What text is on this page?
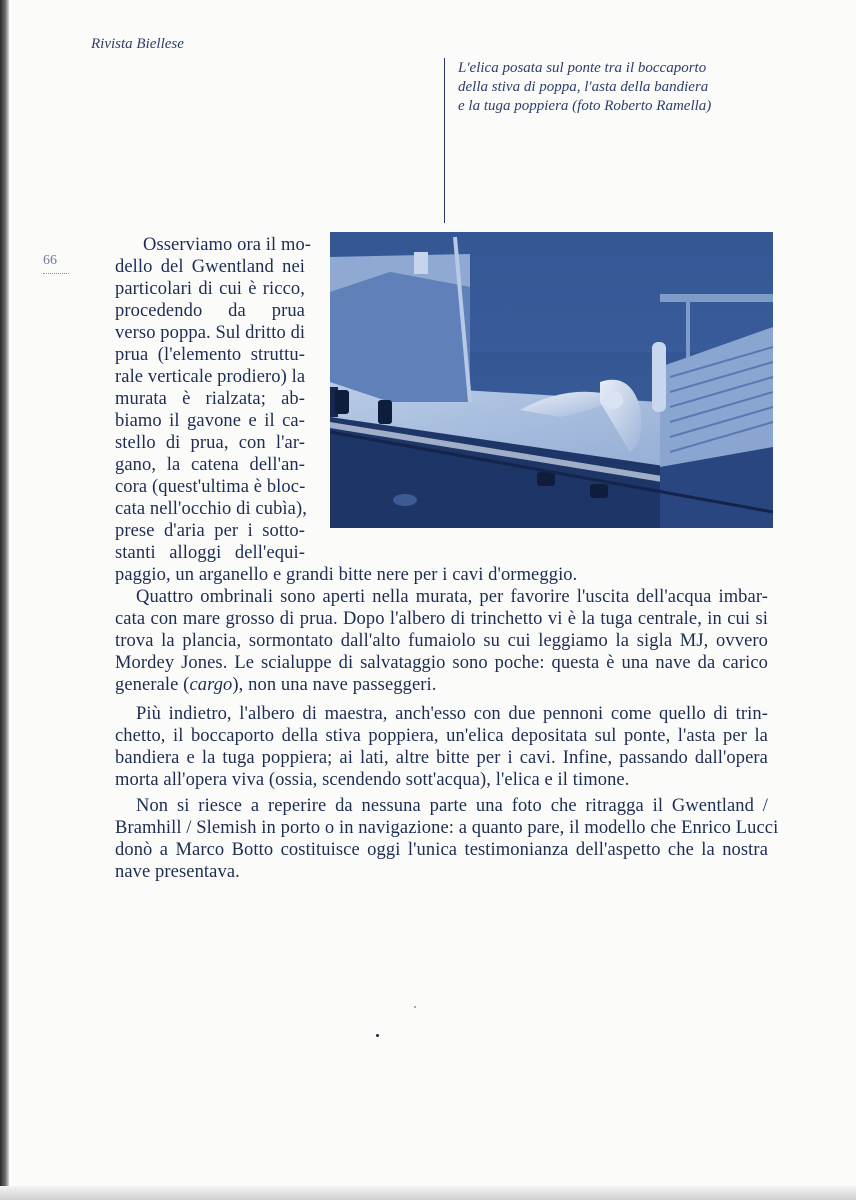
Rivista Biellese
L'elica posata sul ponte tra il boccaporto
della stiva di poppa, l'asta della bandiera
e la tuga poppiera (foto Roberto Ramella)
66
Osserviamo ora il mo-
dello del Gwentland nei
particolari di cui è ricco,
procedendo da prua
verso poppa. Sul dritto di
prua (l'elemento struttu-
rale verticale prodiero) la
murata è rialzata; ab-
biamo il gavone e il ca-
stello di prua, con l'ar-
gano, la catena dell'an-
cora (quest'ultima è bloc-
cata nell'occhio di cubìa),
prese d'aria per i sotto-
stanti alloggi dell'equi-
paggio, un arganello e grandi bitte nere per i cavi d'ormeggio.
Quattro ombrinali sono aperti nella murata, per favorire l'uscita dell'acqua imbar-
cata con mare grosso di prua. Dopo l'albero di trinchetto vi è la tuga centrale, in cui si
trova la plancia, sormontato dall'alto fumaiolo su cui leggiamo la sigla MJ, ovvero
Mordey Jones. Le scialuppe di salvataggio sono poche: questa è una nave da carico
generale (cargo), non una nave passeggeri.
Più indietro, l'albero di maestra, anch'esso con due pennoni come quello di trin-
chetto, il boccaporto della stiva poppiera, un'elica depositata sul ponte, l'asta per la
bandiera e la tuga poppiera; ai lati, altre bitte per i cavi. Infine, passando dall'opera
morta all'opera viva (ossia, scendendo sott'acqua), l'elica e il timone.
Non si riesce a reperire da nessuna parte una foto che ritragga il Gwentland /
Bramhill / Slemish in porto o in navigazione: a quanto pare, il modello che Enrico Lucci
donò a Marco Botto costituisce oggi l'unica testimonianza dell'aspetto che la nostra
nave presentava.
